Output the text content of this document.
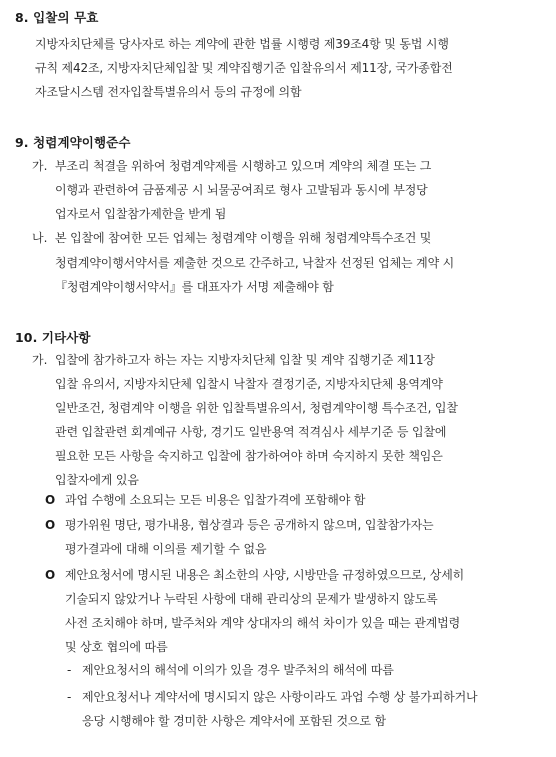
8. 입찰의 무효
지방자치단체를 당사자로 하는 계약에 관한 법률 시행령 제39조4항 및 동법 시행
규칙 제42조, 지방자치단체입찰 및 계약집행기준 입찰유의서 제11장, 국가종합전
자조달시스템 전자입찰특별유의서 등의 규정에 의함
9. 청렴계약이행준수
가. 부조리 척결을 위하여 청렴계약제를 시행하고 있으며 계약의 체결 또는 그
이행과 관련하여 금품제공 시 뇌물공여죄로 형사 고발됨과 동시에 부정당
업자로서 입찰참가제한을 받게 됨
나. 본 입찰에 참여한 모든 업체는 청렴계약 이행을 위해 청렴계약특수조건 및
청렴계약이행서약서를 제출한 것으로 간주하고, 낙찰자 선정된 업체는 계약 시
『청렴계약이행서약서』를 대표자가 서명 제출해야 함
10. 기타사항
가. 입찰에 참가하고자 하는 자는 지방자치단체 입찰 및 계약 집행기준 제11장
입찰 유의서, 지방자치단체 입찰시 낙찰자 결정기준, 지방자치단체 용역계약
일반조건, 청렴계약 이행을 위한 입찰특별유의서, 청렴계약이행 특수조건, 입찰
관련 입찰관련 회계예규 사항, 경기도 일반용역 적격심사 세부기준 등 입찰에
필요한 모든 사항을 숙지하고 입찰에 참가하여야 하며 숙지하지 못한 책임은
입찰자에게 있음
O 과업 수행에 소요되는 모든 비용은 입찰가격에 포함해야 함
O 평가위원 명단, 평가내용, 협상결과 등은 공개하지 않으며, 입찰참가자는
평가결과에 대해 이의를 제기할 수 없음
O 제안요청서에 명시된 내용은 최소한의 사양, 시방만을 규정하였으므로, 상세히
기술되지 않았거나 누락된 사항에 대해 관리상의 문제가 발생하지 않도록
사전 조치해야 하며, 발주처와 계약 상대자의 해석 차이가 있을 때는 관계법령
및 상호 협의에 따름
- 제안요청서의 해석에 이의가 있을 경우 발주처의 해석에 따름
- 제안요청서나 계약서에 명시되지 않은 사항이라도 과업 수행 상 불가피하거나
응당 시행해야 할 경미한 사항은 계약서에 포함된 것으로 함
